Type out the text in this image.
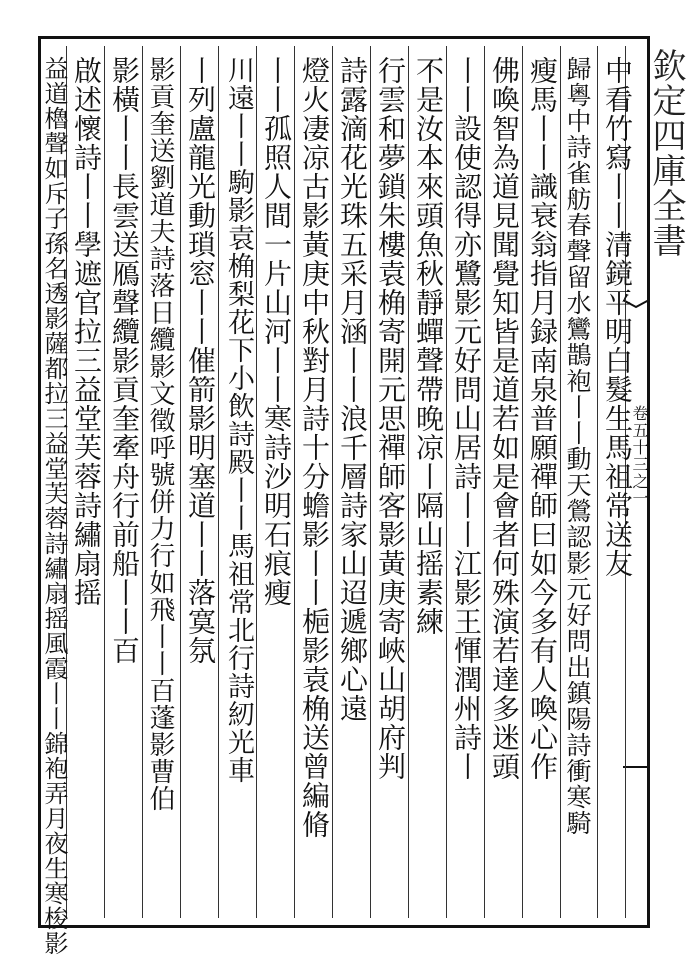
欽定四庫全書
卷五十三之一
中看竹寫丨丨清鏡平明白髮生馬祖常送友
歸粵中詩雀舫春聲留水鸞鵲袍丨丨動天鶯認影元好問出鎮陽詩衝寒騎
瘦馬丨丨識衰翁指月録南泉普願禪師曰如今多有人喚心作
佛喚智為道見聞覺知皆是道若如是會者何殊演若達多迷頭
丨丨設使認得亦鷺影元好問山居詩丨丨江影王惲潤州詩丨
不是汝本來頭魚秋靜蟬聲帶晚凉丨隔山摇素練
行雲和夢鎖朱樓袁桷寄開元思禪師客影黃庚寄峽山胡府判
詩露滴花光珠五采月涵丨丨浪千層詩家山迢遞鄉心遠
燈火凄凉古影黃庚中秋對月詩十分蟾影丨丨梔影袁桷送曾編脩
丨丨孤照人間一片山河丨丨寒詩沙明石痕瘦
川遠丨丨駒影袁桷梨花下小飲詩殿丨丨馬祖常北行詩紉光車
丨列盧龍光動瑣窓丨丨催箭影明塞道丨丨落寞氛
影貢奎送劉道夫詩落日纜影文徵呼號併力行如飛丨丨百蓬影曹伯
影橫丨丨長雲送鴈聲纜影貢奎牽舟行前船丨丨百
啟述懷詩丨丨學遮官拉三益堂芙蓉詩繡扇摇
益道櫓聲如斥子孫名透影薩都拉三益堂芙蓉詩繡扇摇風霞丨丨錦袍弄月夜生寒梭影
